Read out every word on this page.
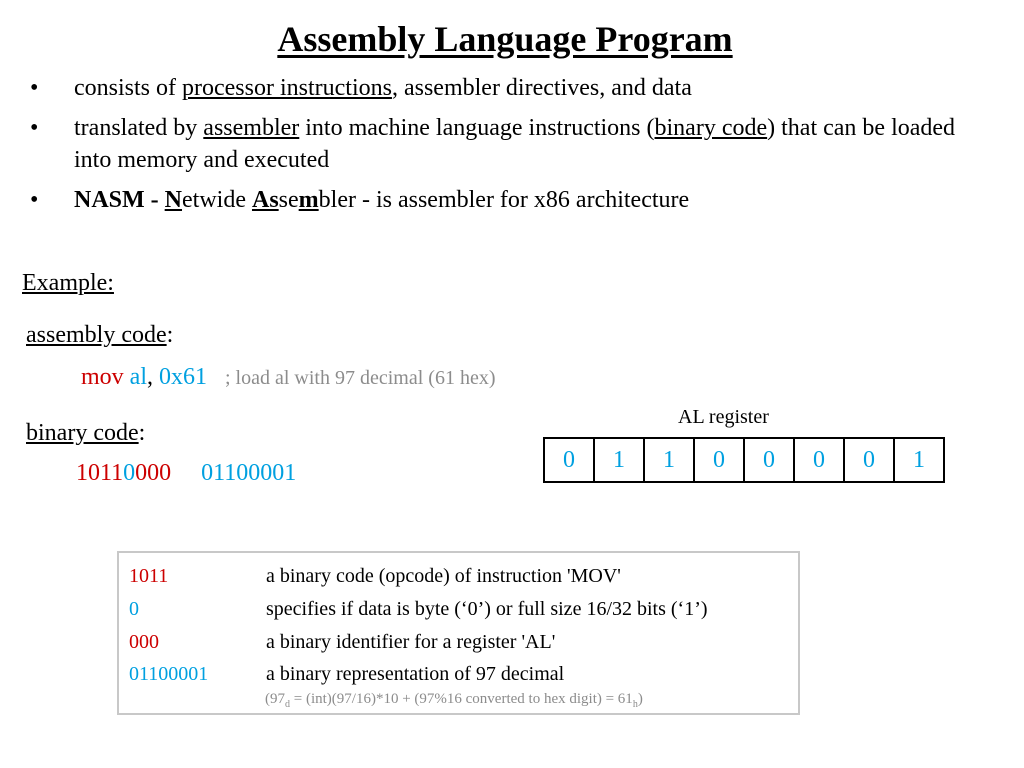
Assembly Language Program
• consists of processor instructions, assembler directives, and data
• translated by assembler into machine language instructions (binary code) that can be loaded into memory and executed
• NASM - Netwide Assembler - is assembler for x86 architecture
Example:
assembly code:
mov al, 0x61 ; load al with 97 decimal (61 hex)
binary code:
10110000 01100001
AL register
0	1	1	0	0	0	0	1
1011	a binary code (opcode) of instruction 'MOV'
0	specifies if data is byte (‘0’) or full size 16/32 bits (‘1’)
000	a binary identifier for a register 'AL'
01100001	a binary representation of 97 decimal
($97_d = (int)(97/16)*10 + (97\%16$ converted to hex digit) = $61_h$)
